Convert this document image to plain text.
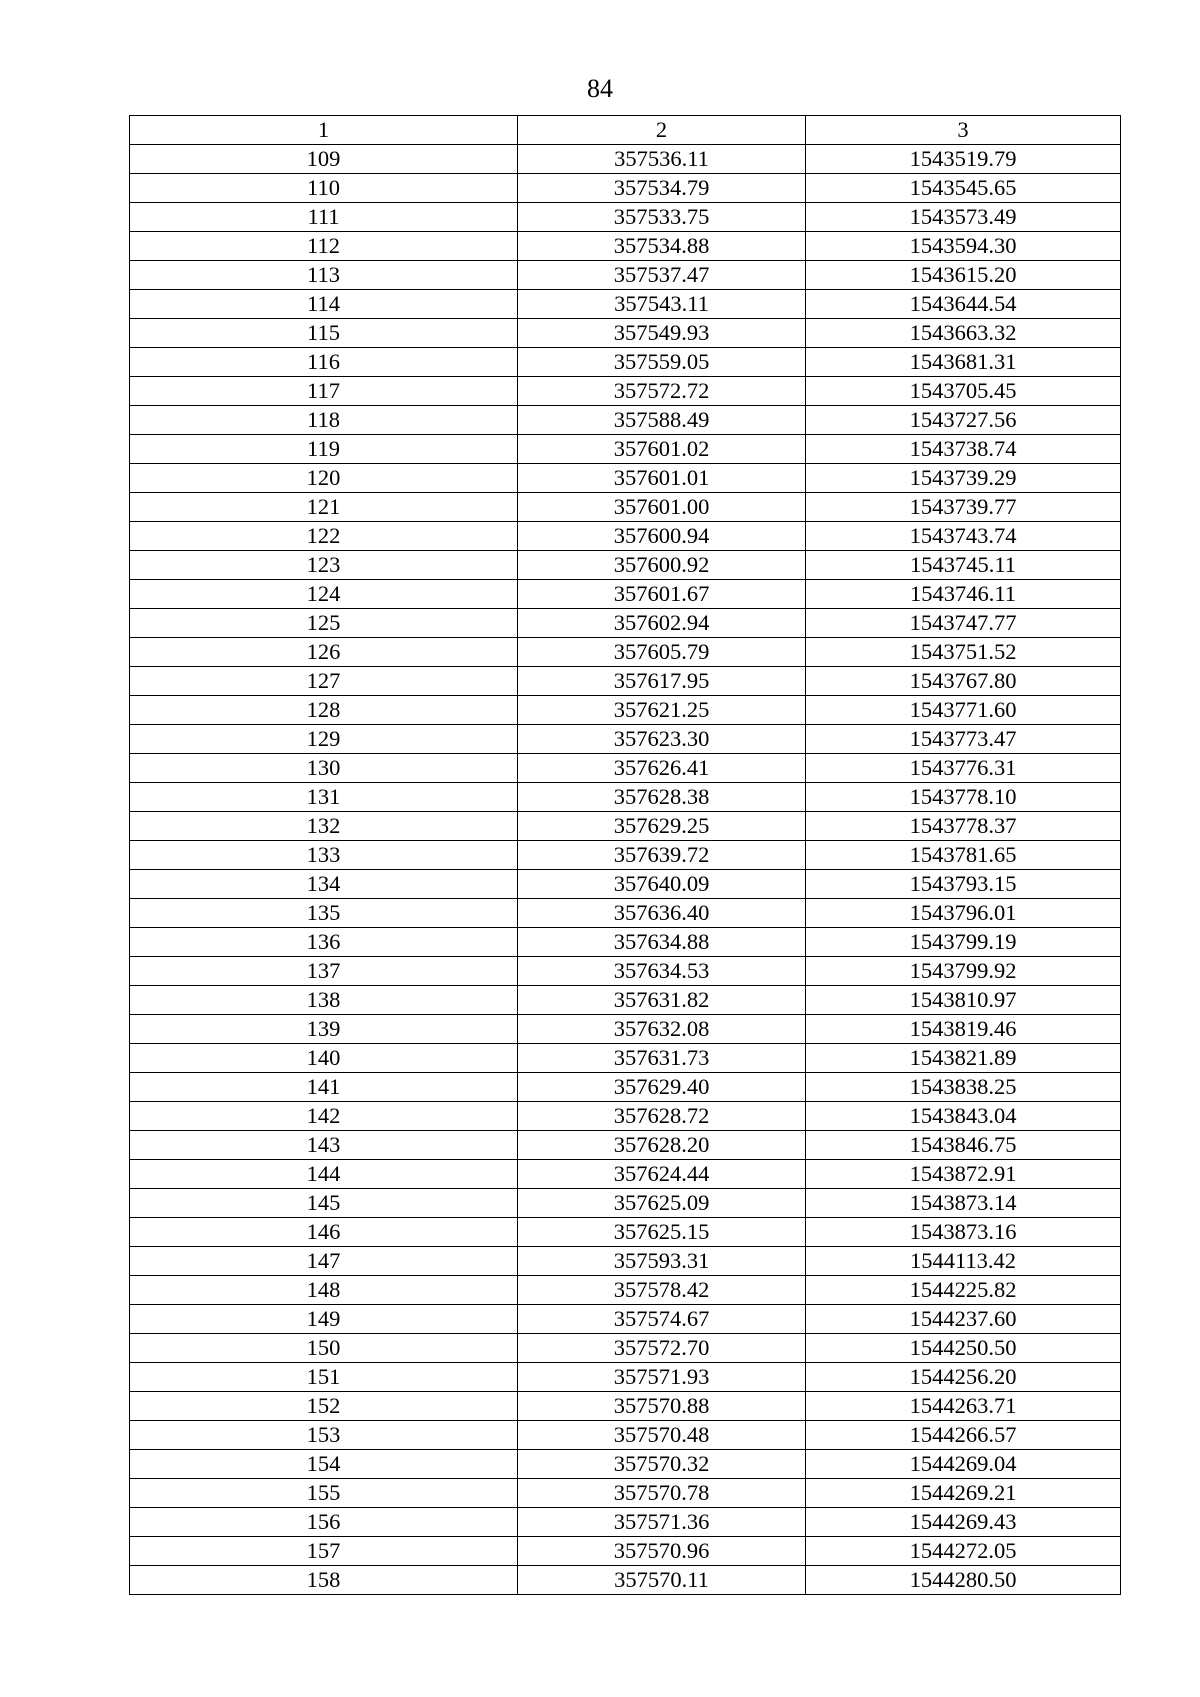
84
1	2	3
109	357536.11	1543519.79
110	357534.79	1543545.65
111	357533.75	1543573.49
112	357534.88	1543594.30
113	357537.47	1543615.20
114	357543.11	1543644.54
115	357549.93	1543663.32
116	357559.05	1543681.31
117	357572.72	1543705.45
118	357588.49	1543727.56
119	357601.02	1543738.74
120	357601.01	1543739.29
121	357601.00	1543739.77
122	357600.94	1543743.74
123	357600.92	1543745.11
124	357601.67	1543746.11
125	357602.94	1543747.77
126	357605.79	1543751.52
127	357617.95	1543767.80
128	357621.25	1543771.60
129	357623.30	1543773.47
130	357626.41	1543776.31
131	357628.38	1543778.10
132	357629.25	1543778.37
133	357639.72	1543781.65
134	357640.09	1543793.15
135	357636.40	1543796.01
136	357634.88	1543799.19
137	357634.53	1543799.92
138	357631.82	1543810.97
139	357632.08	1543819.46
140	357631.73	1543821.89
141	357629.40	1543838.25
142	357628.72	1543843.04
143	357628.20	1543846.75
144	357624.44	1543872.91
145	357625.09	1543873.14
146	357625.15	1543873.16
147	357593.31	1544113.42
148	357578.42	1544225.82
149	357574.67	1544237.60
150	357572.70	1544250.50
151	357571.93	1544256.20
152	357570.88	1544263.71
153	357570.48	1544266.57
154	357570.32	1544269.04
155	357570.78	1544269.21
156	357571.36	1544269.43
157	357570.96	1544272.05
158	357570.11	1544280.50
